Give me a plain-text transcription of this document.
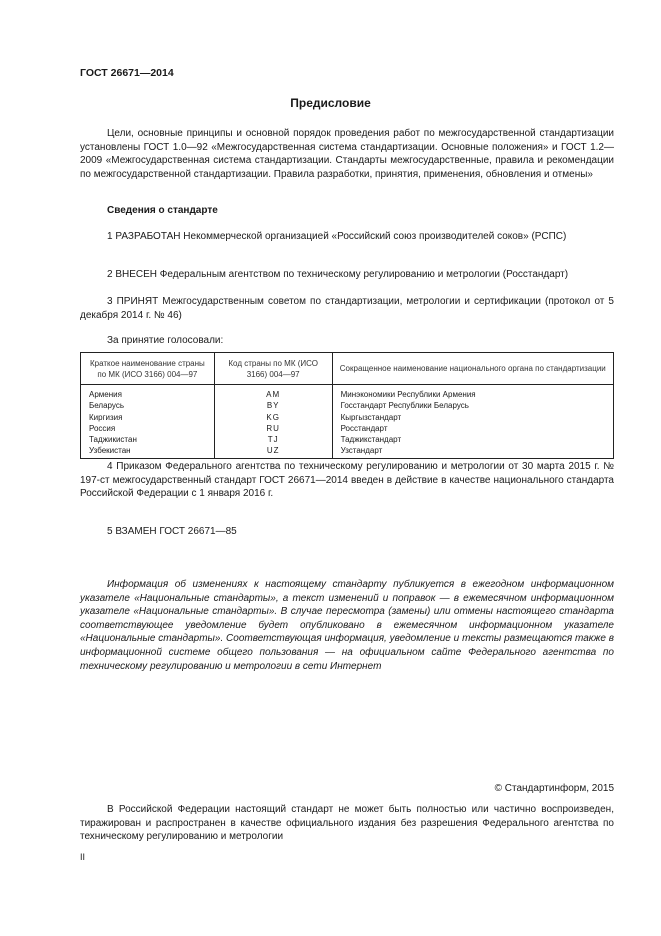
ГОСТ 26671—2014
Предисловие
Цели, основные принципы и основной порядок проведения работ по межгосударственной стандартизации установлены ГОСТ 1.0—92 «Межгосударственная система стандартизации. Основные положения» и ГОСТ 1.2—2009 «Межгосударственная система стандартизации. Стандарты межгосударственные, правила и рекомендации по межгосударственной стандартизации. Правила разработки, принятия, применения, обновления и отмены»
Сведения о стандарте
1 РАЗРАБОТАН Некоммерческой организацией «Российский союз производителей соков» (РСПС)
2 ВНЕСЕН Федеральным агентством по техническому регулированию и метрологии (Росстандарт)
3 ПРИНЯТ Межгосударственным советом по стандартизации, метрологии и сертификации (протокол от 5 декабря 2014 г. № 46)
За принятие голосовали:
Краткое наименование страны по МК (ИСО 3166) 004—97	Код страны по МК (ИСО 3166) 004—97	Сокращенное наименование национального органа по стандартизации
Армения	AM	Минэкономики Республики Армения
Беларусь	BY	Госстандарт Республики Беларусь
Киргизия	KG	Кыргызстандарт
Россия	RU	Росстандарт
Таджикистан	TJ	Таджикстандарт
Узбекистан	UZ	Узстандарт
4 Приказом Федерального агентства по техническому регулированию и метрологии от 30 марта 2015 г. № 197-ст межгосударственный стандарт ГОСТ 26671—2014 введен в действие в качестве национального стандарта Российской Федерации с 1 января 2016 г.
5 ВЗАМЕН ГОСТ 26671—85
Информация об изменениях к настоящему стандарту публикуется в ежегодном информационном указателе «Национальные стандарты», а текст изменений и поправок — в ежемесячном информационном указателе «Национальные стандарты». В случае пересмотра (замены) или отмены настоящего стандарта соответствующее уведомление будет опубликовано в ежемесячном информационном указателе «Национальные стандарты». Соответствующая информация, уведомление и тексты размещаются также в информационной системе общего пользования — на официальном сайте Федерального агентства по техническому регулированию и метрологии в сети Интернет
© Стандартинформ, 2015
В Российской Федерации настоящий стандарт не может быть полностью или частично воспроизведен, тиражирован и распространен в качестве официального издания без разрешения Федерального агентства по техническому регулированию и метрологии
II
